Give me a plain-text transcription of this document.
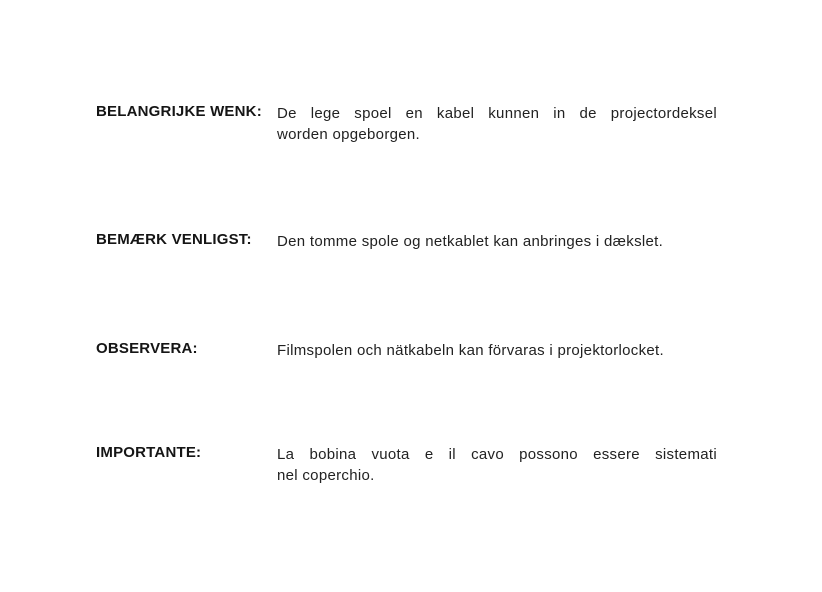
BELANGRIJKE WENK: De lege spoel en kabel kunnen in de projectordeksel
worden opgeborgen.
BEMÆRK VENLIGST: Den tomme spole og netkablet kan anbringes i dækslet.
OBSERVERA:	Filmspolen och nätkabeln kan förvaras i projektorlocket.
IMPORTANTE:	La bobina vuota e il cavo possono essere sistemati
nel coperchio.
